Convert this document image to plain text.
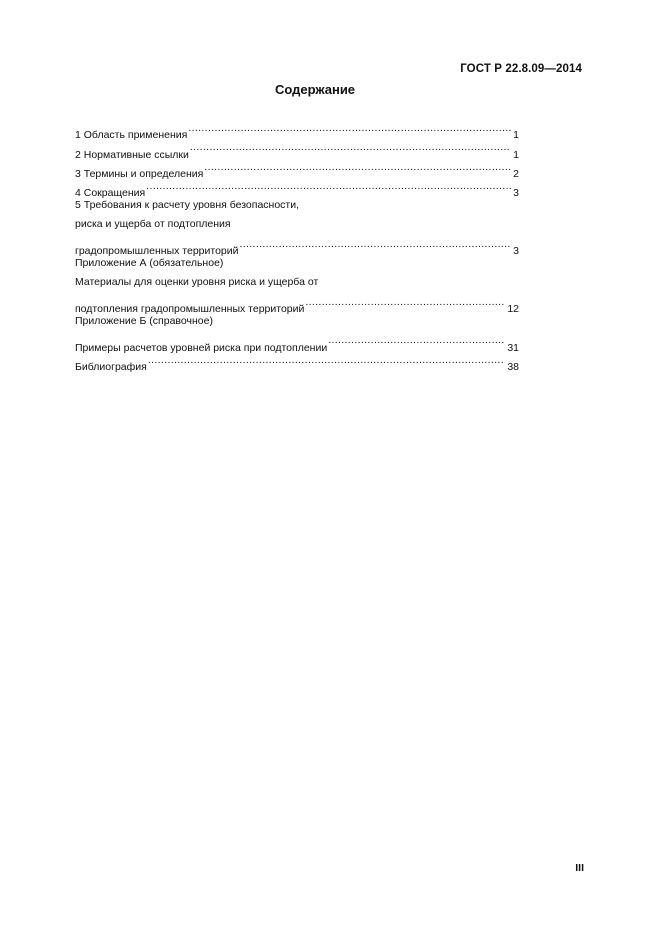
ГОСТ Р 22.8.09—2014
Содержание
1 Область применения .....	1
2 Нормативные ссылки .....	1
3 Термины и определения .....	2
4 Сокращения .....	3
5 Требования к расчету уровня безопасности,
риска и ущерба от подтопления
градопромышленных территорий .....	3
Приложение А (обязательное)
Материалы для оценки уровня риска и ущерба от
подтопления градопромышленных территорий .....	12
Приложение Б (справочное)
Примеры расчетов уровней риска при подтоплении .....	31
Библиография .....	38
III
